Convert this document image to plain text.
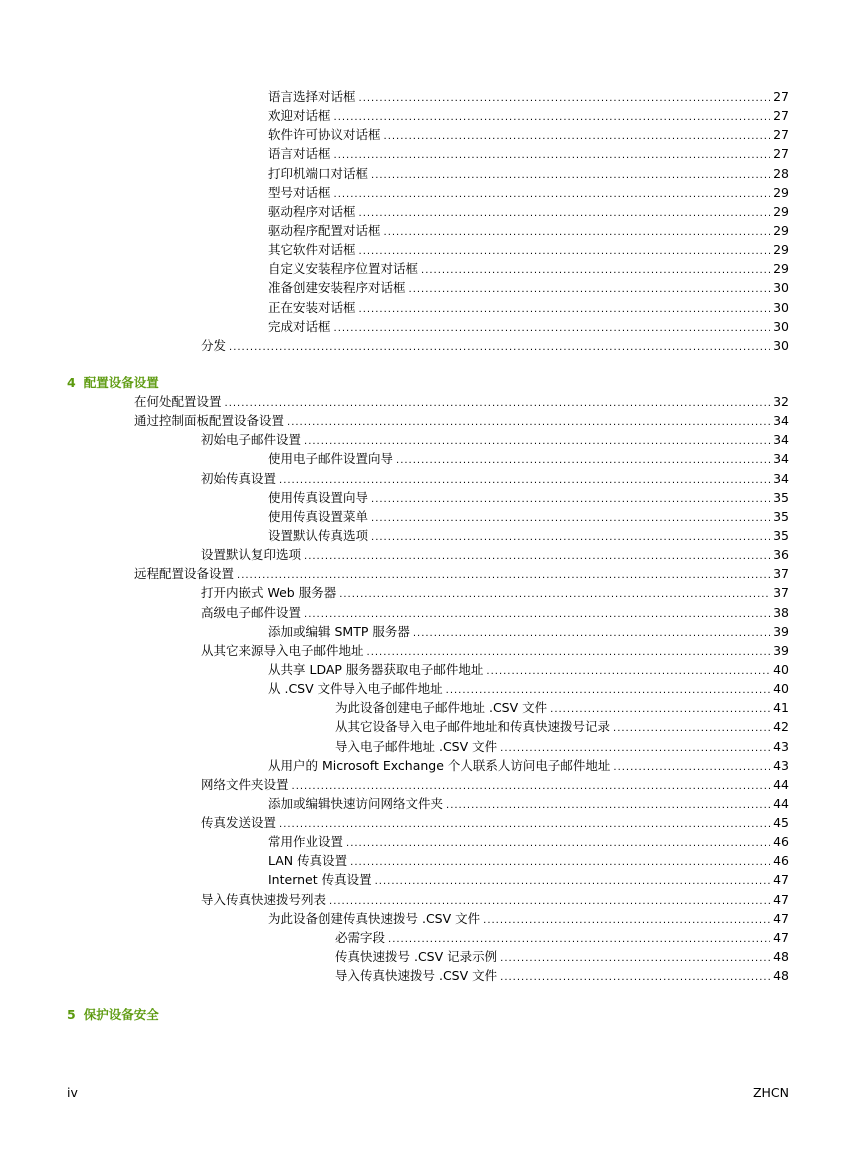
语言选择对话框 .....	27
欢迎对话框 .....	27
软件许可协议对话框 .....	27
语言对话框 .....	27
打印机端口对话框 .....	28
型号对话框 .....	29
驱动程序对话框 .....	29
驱动程序配置对话框 .....	29
其它软件对话框 .....	29
自定义安装程序位置对话框 .....	29
准备创建安装程序对话框 .....	30
正在安装对话框 .....	30
完成对话框 .....	30
分发 .....	30
4 配置设备设置
在何处配置设置 .....	32
通过控制面板配置设备设置 .....	34
初始电子邮件设置 .....	34
使用电子邮件设置向导 .....	34
初始传真设置 .....	34
使用传真设置向导 .....	35
使用传真设置菜单 .....	35
设置默认传真选项 .....	35
设置默认复印选项 .....	36
远程配置设备设置 .....	37
打开内嵌式 Web 服务器 .....	37
高级电子邮件设置 .....	38
添加或编辑 SMTP 服务器 .....	39
从其它来源导入电子邮件地址 .....	39
从共享 LDAP 服务器获取电子邮件地址 .....	40
从 .CSV 文件导入电子邮件地址 .....	40
为此设备创建电子邮件地址 .CSV 文件 .....	41
从其它设备导入电子邮件地址和传真快速拨号记录 .....	42
导入电子邮件地址 .CSV 文件 .....	43
从用户的 Microsoft Exchange 个人联系人访问电子邮件地址 .....	43
网络文件夹设置 .....	44
添加或编辑快速访问网络文件夹 .....	44
传真发送设置 .....	45
常用作业设置 .....	46
LAN 传真设置 .....	46
Internet 传真设置 .....	47
导入传真快速拨号列表 .....	47
为此设备创建传真快速拨号 .CSV 文件 .....	47
必需字段 .....	47
传真快速拨号 .CSV 记录示例 .....	48
导入传真快速拨号 .CSV 文件 .....	48
5 保护设备安全
iv	ZHCN
